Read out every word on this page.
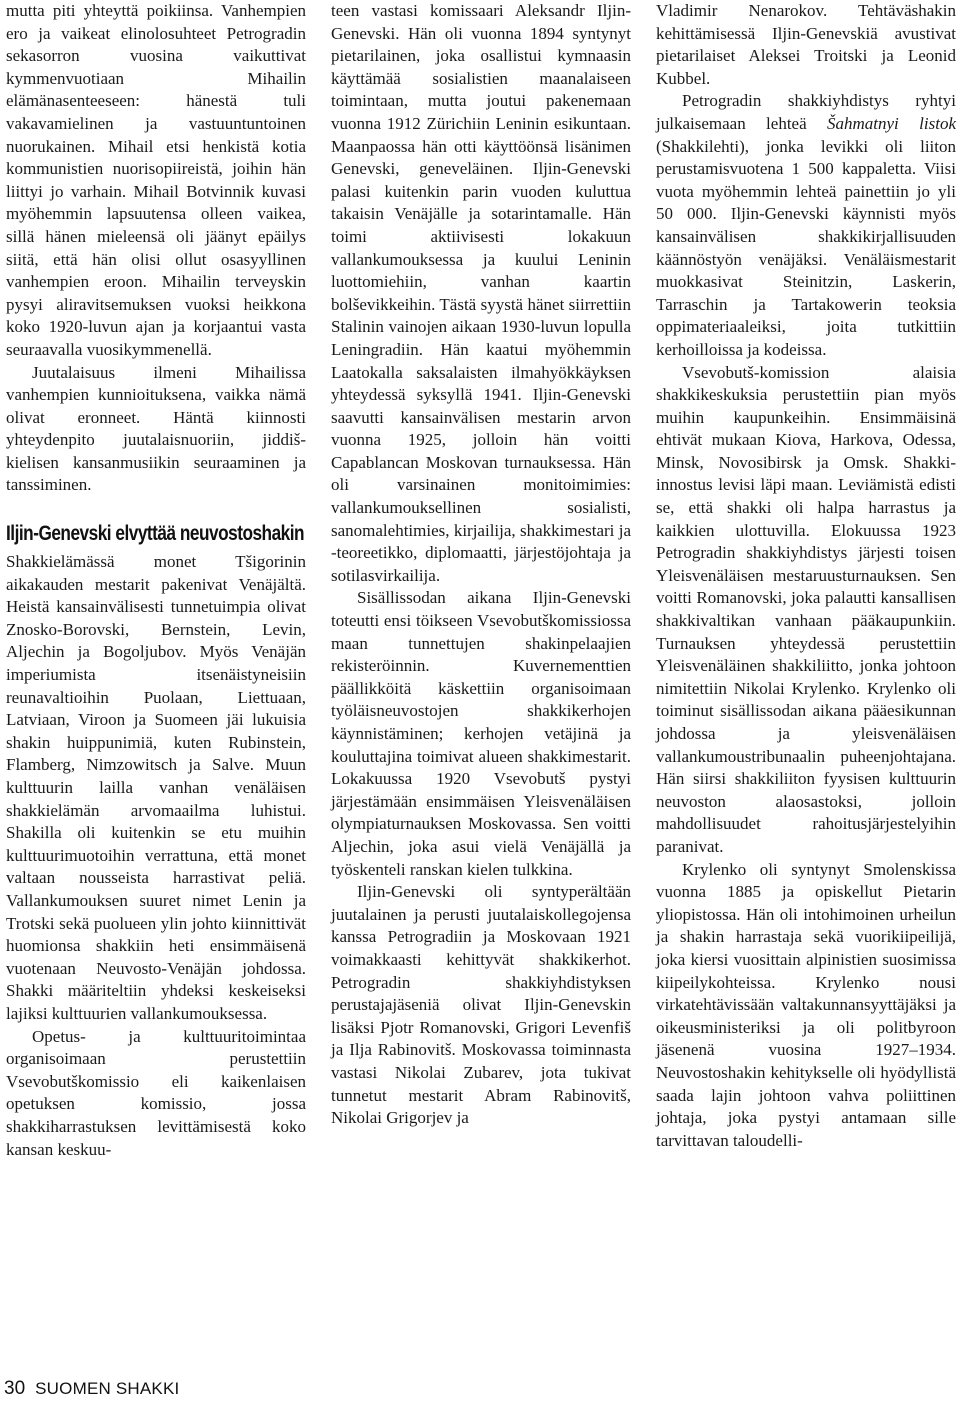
mutta piti yhteyttä poikiinsa. Vanhempien ero ja vaikeat elinolosuhteet Petrogradin sekasorron vuosina vaikuttivat kymmenvuotiaan Mihailin elämänasenteeseen: hänestä tuli vakavamielinen ja vastuuntuntoinen nuorukainen. Mihail etsi henkistä kotia kommunistien nuorisopiireistä, joihin hän liittyi jo varhain. Mihail Botvinnik kuvasi myöhemmin lapsuutensa olleen vaikea, sillä hänen mieleensä oli jäänyt epäilys siitä, että hän olisi ollut osasyyllinen vanhempien eroon. Mihailin terveyskin pysyi aliravitsemuksen vuoksi heikkona koko 1920-luvun ajan ja korjaantui vasta seuraavalla vuosikymmenellä.

Juutalaisuus ilmeni Mihailissa vanhempien kunnioituksena, vaikka nämä olivat eronneet. Häntä kiinnosti yhteydenpito juutalaisnuoriin, jiddiš-kielisen kansanmusiikin seuraaminen ja tanssiminen.

Iljin-Genevski elvyttää neuvostoshakin

Shakkielämässä monet Tšigorinin aikakauden mestarit pakenivat Venäjältä. Heistä kansainvälisesti tunnetuimpia olivat Znosko-Borovski, Bernstein, Levin, Aljechin ja Bogoljubov. Myös Venäjän imperiumista itsenäistyneisiin reunavaltioihin Puolaan, Liettuaan, Latviaan, Viroon ja Suomeen jäi lukuisia shakin huippunimiä, kuten Rubinstein, Flamberg, Nimzowitsch ja Salve. Muun kulttuurin lailla vanhan venäläisen shakkielämän arvomaailma luhistui. Shakilla oli kuitenkin se etu muihin kulttuurimuotoihin verrattuna, että monet valtaan nousseista harrastivat peliä. Vallankumouksen suuret nimet Lenin ja Trotski sekä puolueen ylin johto kiinnittivät huomionsa shakkiin heti ensimmäisenä vuotenaan Neuvosto-Venäjän johdossa. Shakki määriteltiin yhdeksi keskeiseksi lajiksi kulttuurien vallankumouksessa.

Opetus- ja kulttuuritoimintaa organisoimaan perustettiin Vsevobutškomissio eli kaikenlaisen opetuksen komissio, jossa shakkiharrastuksen levittämisestä koko kansan keskuu-

teen vastasi komissaari Aleksandr Iljin-Genevski. Hän oli vuonna 1894 syntynyt pietarilainen, joka osallistui kymnaasin käyttämää sosialistien maanalaiseen toimintaan, mutta joutui pakenemaan vuonna 1912 Zürichiin Leninin esikuntaan. Maanpaossa hän otti käyttöönsä lisänimen Genevski, geneveläinen. Iljin-Genevski palasi kuitenkin parin vuoden kuluttua takaisin Venäjälle ja sotarintamalle. Hän toimi aktiivisesti lokakuun vallankumouksessa ja kuului Leninin luottomiehiin, vanhan kaartin bolševikkeihin. Tästä syystä hänet siirrettiin Stalinin vainojen aikaan 1930-luvun lopulla Leningradiin. Hän kaatui myöhemmin Laatokalla saksalaisten ilmahyökkäyksen yhteydessä syksyllä 1941. Iljin-Genevski saavutti kansainvälisen mestarin arvon vuonna 1925, jolloin hän voitti Capablancan Moskovan turnauksessa. Hän oli varsinainen monitoimimies: vallankumouksellinen sosialisti, sanomalehtimies, kirjailija, shakkimestari ja -teoreetikko, diplomaatti, järjestöjohtaja ja sotilasvirkailija.

Sisällissodan aikana Iljin-Genevski toteutti ensi töikseen Vsevobutškomissiossa maan tunnettujen shakinpelaajien rekisteröinnin. Kuvernementtien päällikköitä käskettiin organisoimaan työläisneuvostojen shakkikerhojen käynnistäminen; kerhojen vetäjinä ja kouluttajina toimivat alueen shakkimestarit. Lokakuussa 1920 Vsevobutš pystyi järjestämään ensimmäisen Yleisvenäläisen olympiaturnauksen Moskovassa. Sen voitti Aljechin, joka asui vielä Venäjällä ja työskenteli ranskan kielen tulkkina.

Iljin-Genevski oli syntyperältään juutalainen ja perusti juutalaiskollegojensa kanssa Petrogradiin ja Moskovaan 1921 voimakkaasti kehittyvät shakkikerhot. Petrogradin shakkiyhdistyksen perustajajäseniä olivat Iljin-Genevskin lisäksi Pjotr Romanovski, Grigori Levenfiš ja Ilja Rabinovitš. Moskovassa toiminnasta vastasi Nikolai Zubarev, jota tukivat tunnetut mestarit Abram Rabinovitš, Nikolai Grigorjev ja

Vladimir Nenarokov. Tehtäväshakin kehittämisessä Iljin-Genevskiä avustivat pietarilaiset Aleksei Troitski ja Leonid Kubbel.

Petrogradin shakkiyhdistys ryhtyi julkaisemaan lehteä Šahmatnyi listok (Shakkilehti), jonka levikki oli liiton perustamisvuotena 1 500 kappaletta. Viisi vuota myöhemmin lehteä painettiin jo yli 50 000. Iljin-Genevski käynnisti myös kansainvälisen shakkikirjallisuuden käännöstyön venäjäksi. Venäläismestarit muokkasivat Steinitzin, Laskerin, Tarraschin ja Tartakowerin teoksia oppimateriaaleiksi, joita tutkittiin kerhoilloissa ja kodeissa.

Vsevobutš-komission alaisia shakkikeskuksia perustettiin pian myös muihin kaupunkeihin. Ensimmäisinä ehtivät mukaan Kiova, Harkova, Odessa, Minsk, Novosibirsk ja Omsk. Shakki-innostus levisi läpi maan. Leviämistä edisti se, että shakki oli halpa harrastus ja kaikkien ulottuvilla. Elokuussa 1923 Petrogradin shakkiyhdistys järjesti toisen Yleisvenäläisen mestaruusturnauksen. Sen voitti Romanovski, joka palautti kansallisen shakkivaltikan vanhaan pääkaupunkiin. Turnauksen yhteydessä perustettiin Yleisvenäläinen shakkiliitto, jonka johtoon nimitettiin Nikolai Krylenko. Krylenko oli toiminut sisällissodan aikana pääesikunnan johdossa ja yleisvenäläisen vallankumoustribunaalin puheenjohtajana. Hän siirsi shakkiliiton fyysisen kulttuurin neuvoston alaosastoksi, jolloin mahdollisuudet rahoitusjärjestelyihin paranivat.

Krylenko oli syntynyt Smolenskissa vuonna 1885 ja opiskellut Pietarin yliopistossa. Hän oli intohimoinen urheilun ja shakin harrastaja sekä vuorikiipeilijä, joka kiersi vuosittain alpinistien suosimissa kiipeilykohteissa. Krylenko nousi virkatehtävissään valtakunnansyyttäjäksi ja oikeusministeriksi ja oli politbyroon jäsenenä vuosina 1927–1934. Neuvostoshakin kehitykselle oli hyödyllistä saada lajin johtoon vahva poliittinen johtaja, joka pystyi antamaan sille tarvittavan taloudelli-

30 SUOMEN SHAKKI
